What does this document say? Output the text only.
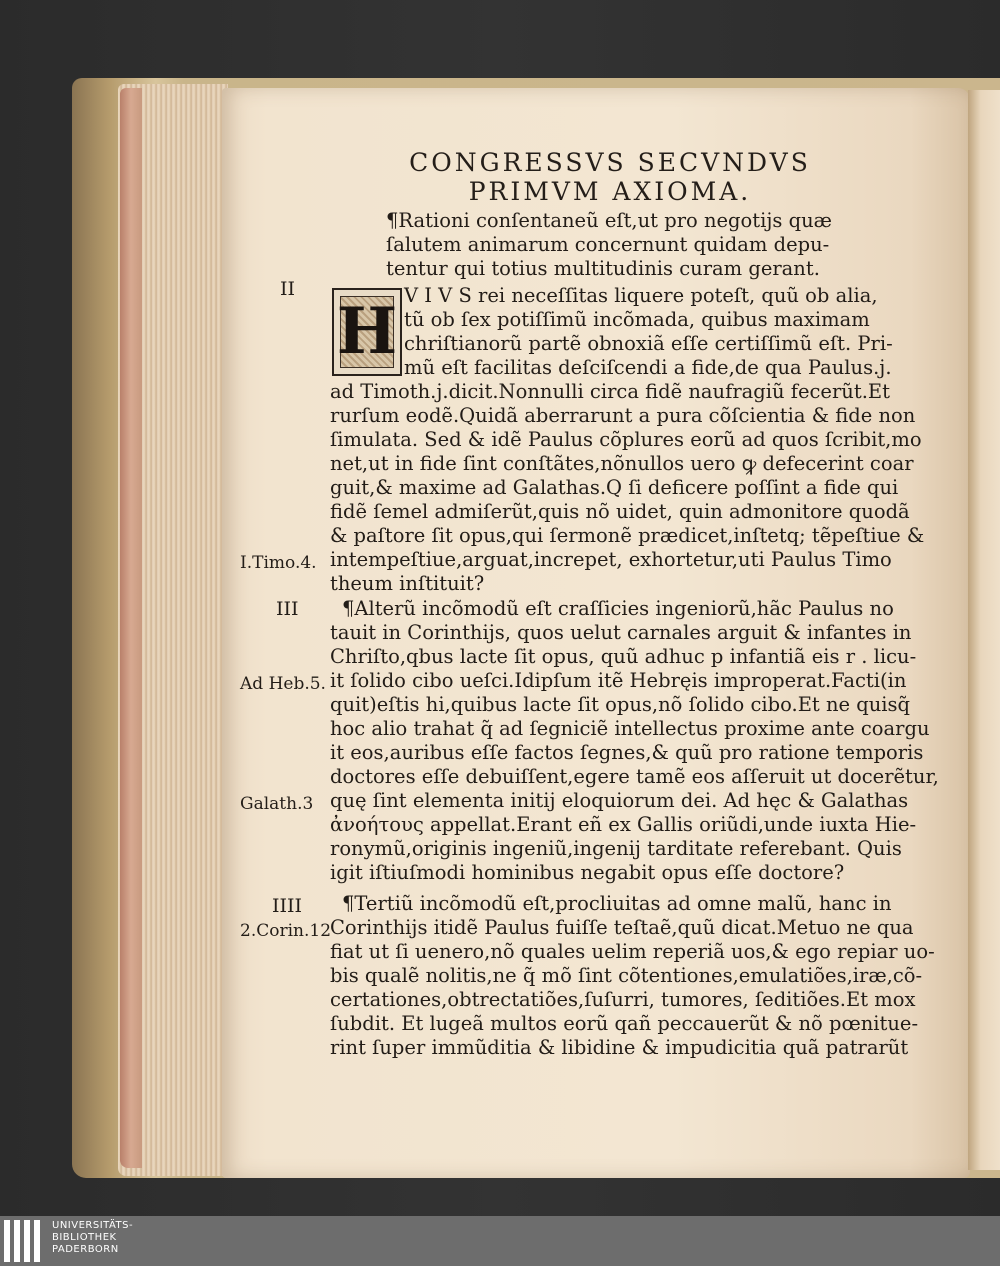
CONGRESSVS SECVNDVS
PRIMVM AXIOMA.
¶Rationi conſentaneũ eſt,ut pro negotiјs quæ
ſalutem animarum concernunt quidam depu-
tentur qui totius multitudinis curam gerant.
II
III
IIII
H V I V S rei neceſſitas liquere poteſt, quũ ob alia,
tũ ob ſex potiſſimũ incõmada, quibus maximam
chriſtianorũ partẽ obnoxiã eſſe certiſſimũ eſt. Pri-
mũ eſt facilitas deſciſcendi a fide,de qua Paulus.j.
ad Timoth.j.dicit.Nonnulli circa fidẽ naufragiũ fecerũt.Et
rurſum eodẽ.Quidã aberrarunt a pura cõſcientia & fide non
ſimulata. Sed & idẽ Paulus cõplures eorũ ad quos ſcribit,mo
net,ut in fide ſint conſtãtes,nõnullos uero ꝙ defecerint coar
guit,& maxime ad Galathas.Q ſi deficere poſſint a fide qui
fidẽ ſemel admiſerũt,quis nõ uidet, quin admonitore quodã
& paſtore ſit opus,qui ſermonẽ prædicet,inſtetq; tẽpeſtiue &
intempeſtiue,arguat,increpet, exhortetur,uti Paulus Timo
theum inſtituit?
¶Alterũ incõmodũ eſt craſſicies ingeniorũ,hãc Paulus no
tauit in Corinthijs, quos uelut carnales arguit & infantes in
Chriſto,qbus lacte ſit opus, quũ adhuc p infantiã eis r . licu-
it ſolido cibo ueſci.Idipſum itẽ Hebręis improperat.Facti(in
quit)eſtis hi,quibus lacte ſit opus,nõ ſolido cibo.Et ne quisq̃
hoc alio trahat q̃ ad ſegniciẽ intellectus proxime ante coargu
it eos,auribus eſſe factos ſegnes,& quũ pro ratione temporis
doctores eſſe debuiſſent,egere tamẽ eos aſſeruit ut docerẽtur,
quę ſint elementa initij eloquiorum dei. Ad hęc & Galathas
ἀνοήτους appellat.Erant eñ ex Gallis oriũdi,unde iuxta Hie-
ronymũ,originis ingeniũ,ingenij tarditate referebant. Quis
igit iſtiuſmodi hominibus negabit opus eſſe doctore?
¶Tertiũ incõmodũ eſt,procliuitas ad omne malũ, hanc in
Corinthijs itidẽ Paulus fuiſſe teſtaẽ,quũ dicat.Metuo ne qua
fiat ut ſi uenero,nõ quales uelim reperiã uos,& ego repiar uo-
bis qualẽ nolitis,ne q̃ mõ ſint cõtentiones,emulatiões,iræ,cõ-
certationes,obtrectatiões,ſuſurri, tumores, ſeditiões.Et mox
ſubdit. Et lugeã multos eorũ qañ peccauerũt & nõ pœnitue-
rint ſuper immũditia & libidine & impudicitia quã patrarũt
I.Timo.4.
Ad Heb.5.
Galath.3
2.Corin.12
UNIVERSITÄTS-
BIBLIOTHEK
PADERBORN
